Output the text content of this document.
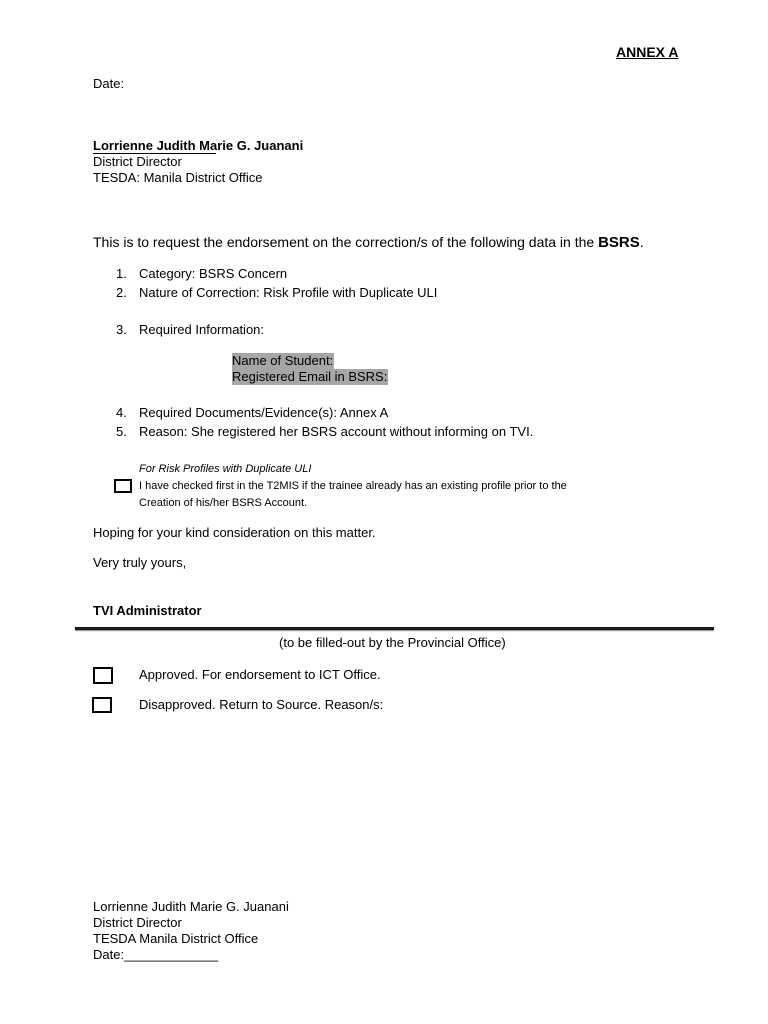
ANNEX A
Date:
Lorrienne Judith Marie G. Juanani
District Director
TESDA: Manila District Office
This is to request the endorsement on the correction/s of the following data in the BSRS.
1. Category: BSRS Concern
2. Nature of Correction: Risk Profile with Duplicate ULI
3. Required Information:
Name of Student:
Registered Email in BSRS:
4. Required Documents/Evidence(s): Annex A
5. Reason: She registered her BSRS account without informing on TVI.
For Risk Profiles with Duplicate ULI
I have checked first in the T2MIS if the trainee already has an existing profile prior to the
Creation of his/her BSRS Account.
Hoping for your kind consideration on this matter.
Very truly yours,
TVI Administrator
(to be filled-out by the Provincial Office)
Approved. For endorsement to ICT Office.
Disapproved. Return to Source. Reason/s:
Lorrienne Judith Marie G. Juanani
District Director
TESDA Manila District Office
Date:_____________
